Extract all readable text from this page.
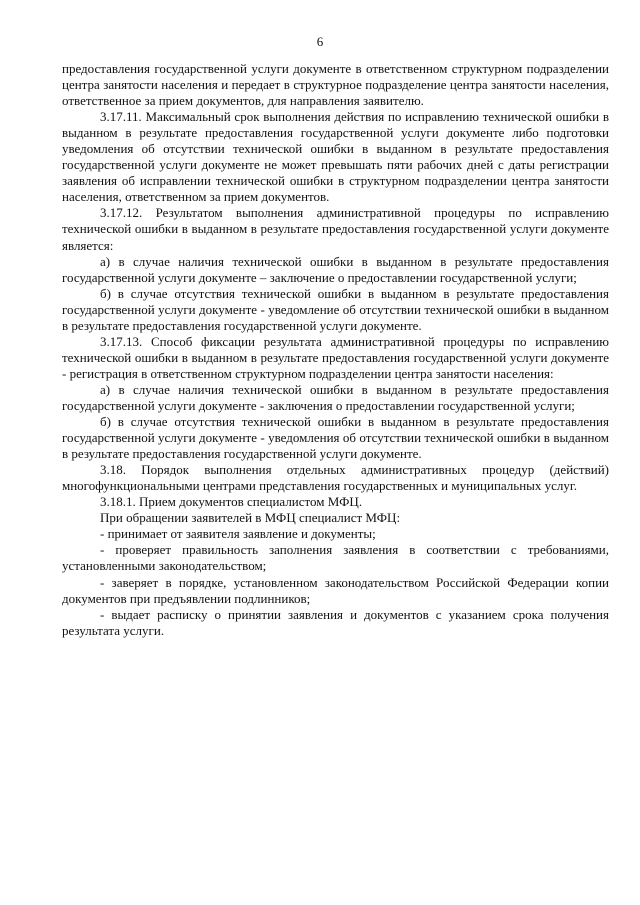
6

предоставления государственной услуги документе в ответственном структурном подразделении центра занятости населения и передает в структурное подразделение центра занятости населения, ответственное за прием документов, для направления заявителю.

3.17.11. Максимальный срок выполнения действия по исправлению технической ошибки в выданном в результате предоставления государственной услуги документе либо подготовки уведомления об отсутствии технической ошибки в выданном в результате предоставления государственной услуги документе не может превышать пяти рабочих дней с даты регистрации заявления об исправлении технической ошибки в структурном подразделении центра занятости населения, ответственном за прием документов.

3.17.12. Результатом выполнения административной процедуры по исправлению технической ошибки в выданном в результате предоставления государственной услуги документе является:

а) в случае наличия технической ошибки в выданном в результате предоставления государственной услуги документе – заключение о предоставлении государственной услуги;

б) в случае отсутствия технической ошибки в выданном в результате предоставления государственной услуги документе - уведомление об отсутствии технической ошибки в выданном в результате предоставления государственной услуги документе.

3.17.13. Способ фиксации результата административной процедуры по исправлению технической ошибки в выданном в результате предоставления государственной услуги документе - регистрация в ответственном структурном подразделении центра занятости населения:

а) в случае наличия технической ошибки в выданном в результате предоставления государственной услуги документе - заключения о предоставлении государственной услуги;

б) в случае отсутствия технической ошибки в выданном в результате предоставления государственной услуги документе - уведомления об отсутствии технической ошибки в выданном в результате предоставления государственной услуги документе.

3.18. Порядок выполнения отдельных административных процедур (действий) многофункциональными центрами представления государственных и муниципальных услуг.

3.18.1. Прием документов специалистом МФЦ.

При обращении заявителей в МФЦ специалист МФЦ:

- принимает от заявителя заявление и документы;

- проверяет правильность заполнения заявления в соответствии с требованиями, установленными законодательством;

- заверяет в порядке, установленном законодательством Российской Федерации копии документов при предъявлении подлинников;

- выдает расписку о принятии заявления и документов с указанием срока получения результата услуги.
